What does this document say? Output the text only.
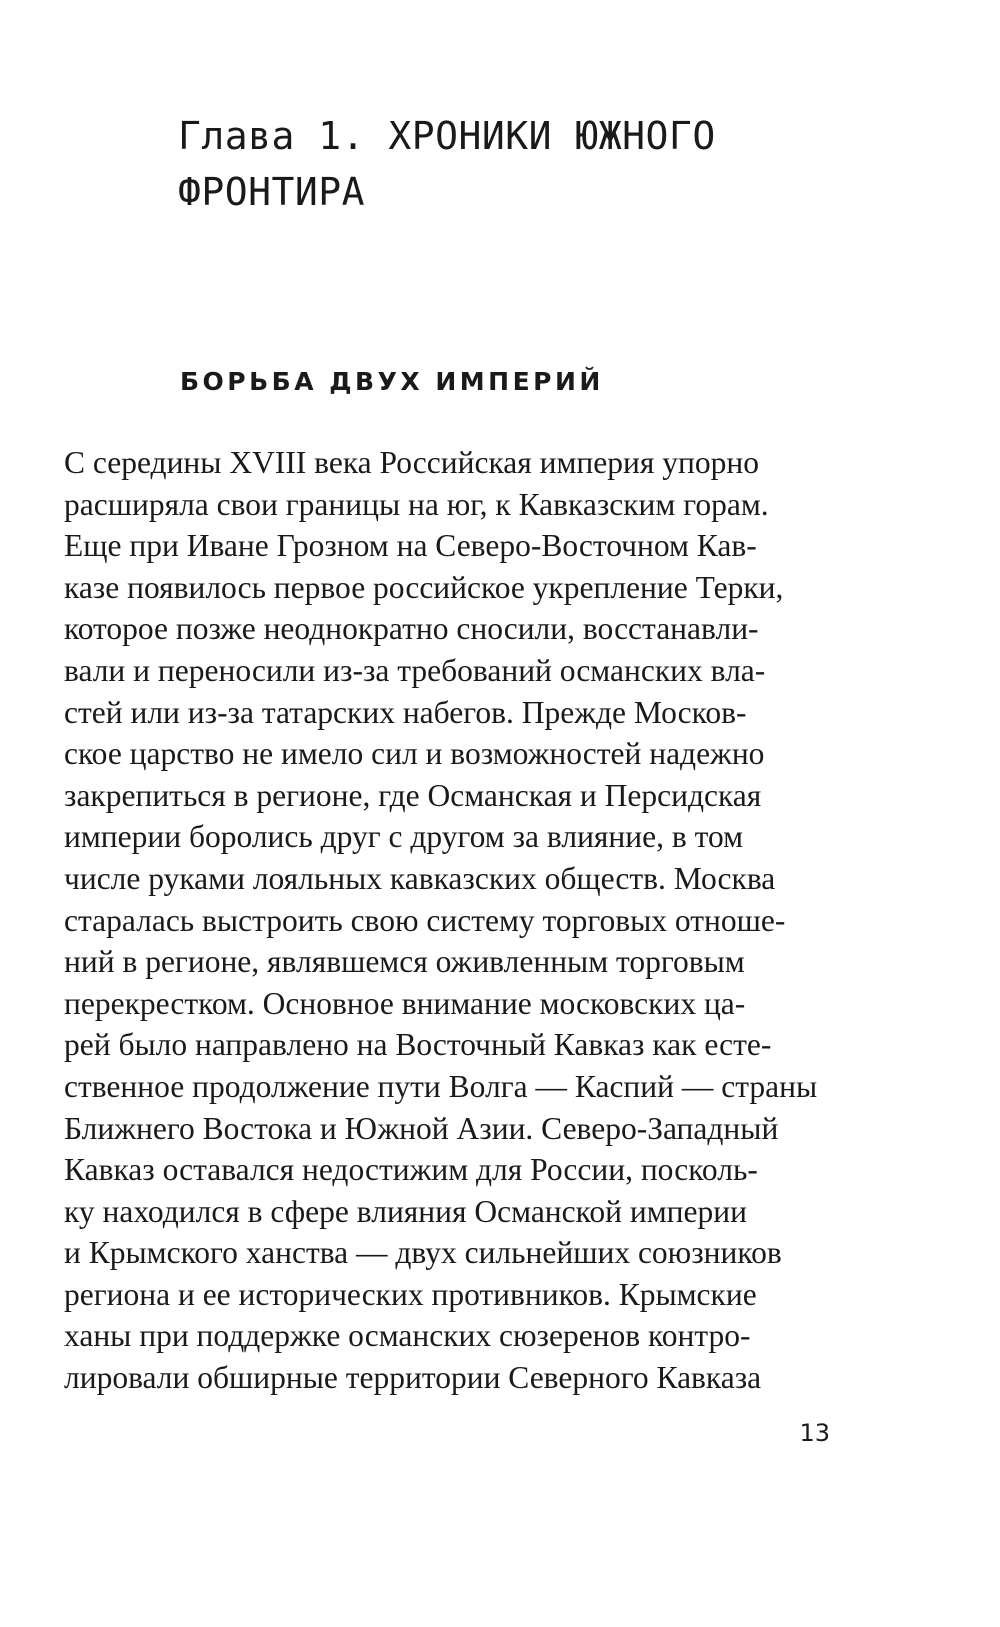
Глава 1. ХРОНИКИ ЮЖНОГО
ФРОНТИРА
БОРЬБА ДВУХ ИМПЕРИЙ
С середины XVIII века Российская империя упорно
расширяла свои границы на юг, к Кавказским горам.
Еще при Иване Грозном на Северо-Восточном Кав-
казе появилось первое российское укрепление Терки,
которое позже неоднократно сносили, восстанавли-
вали и переносили из-за требований османских вла-
стей или из-за татарских набегов. Прежде Москов-
ское царство не имело сил и возможностей надежно
закрепиться в регионе, где Османская и Персидская
империи боролись друг с другом за влияние, в том
числе руками лояльных кавказских обществ. Москва
старалась выстроить свою систему торговых отноше-
ний в регионе, являвшемся оживленным торговым
перекрестком. Основное внимание московских ца-
рей было направлено на Восточный Кавказ как есте-
ственное продолжение пути Волга — Каспий — страны
Ближнего Востока и Южной Азии. Северо-Западный
Кавказ оставался недостижим для России, посколь-
ку находился в сфере влияния Османской империи
и Крымского ханства — двух сильнейших союзников
региона и ее исторических противников. Крымские
ханы при поддержке османских сюзеренов контро-
лировали обширные территории Северного Кавказа
13
